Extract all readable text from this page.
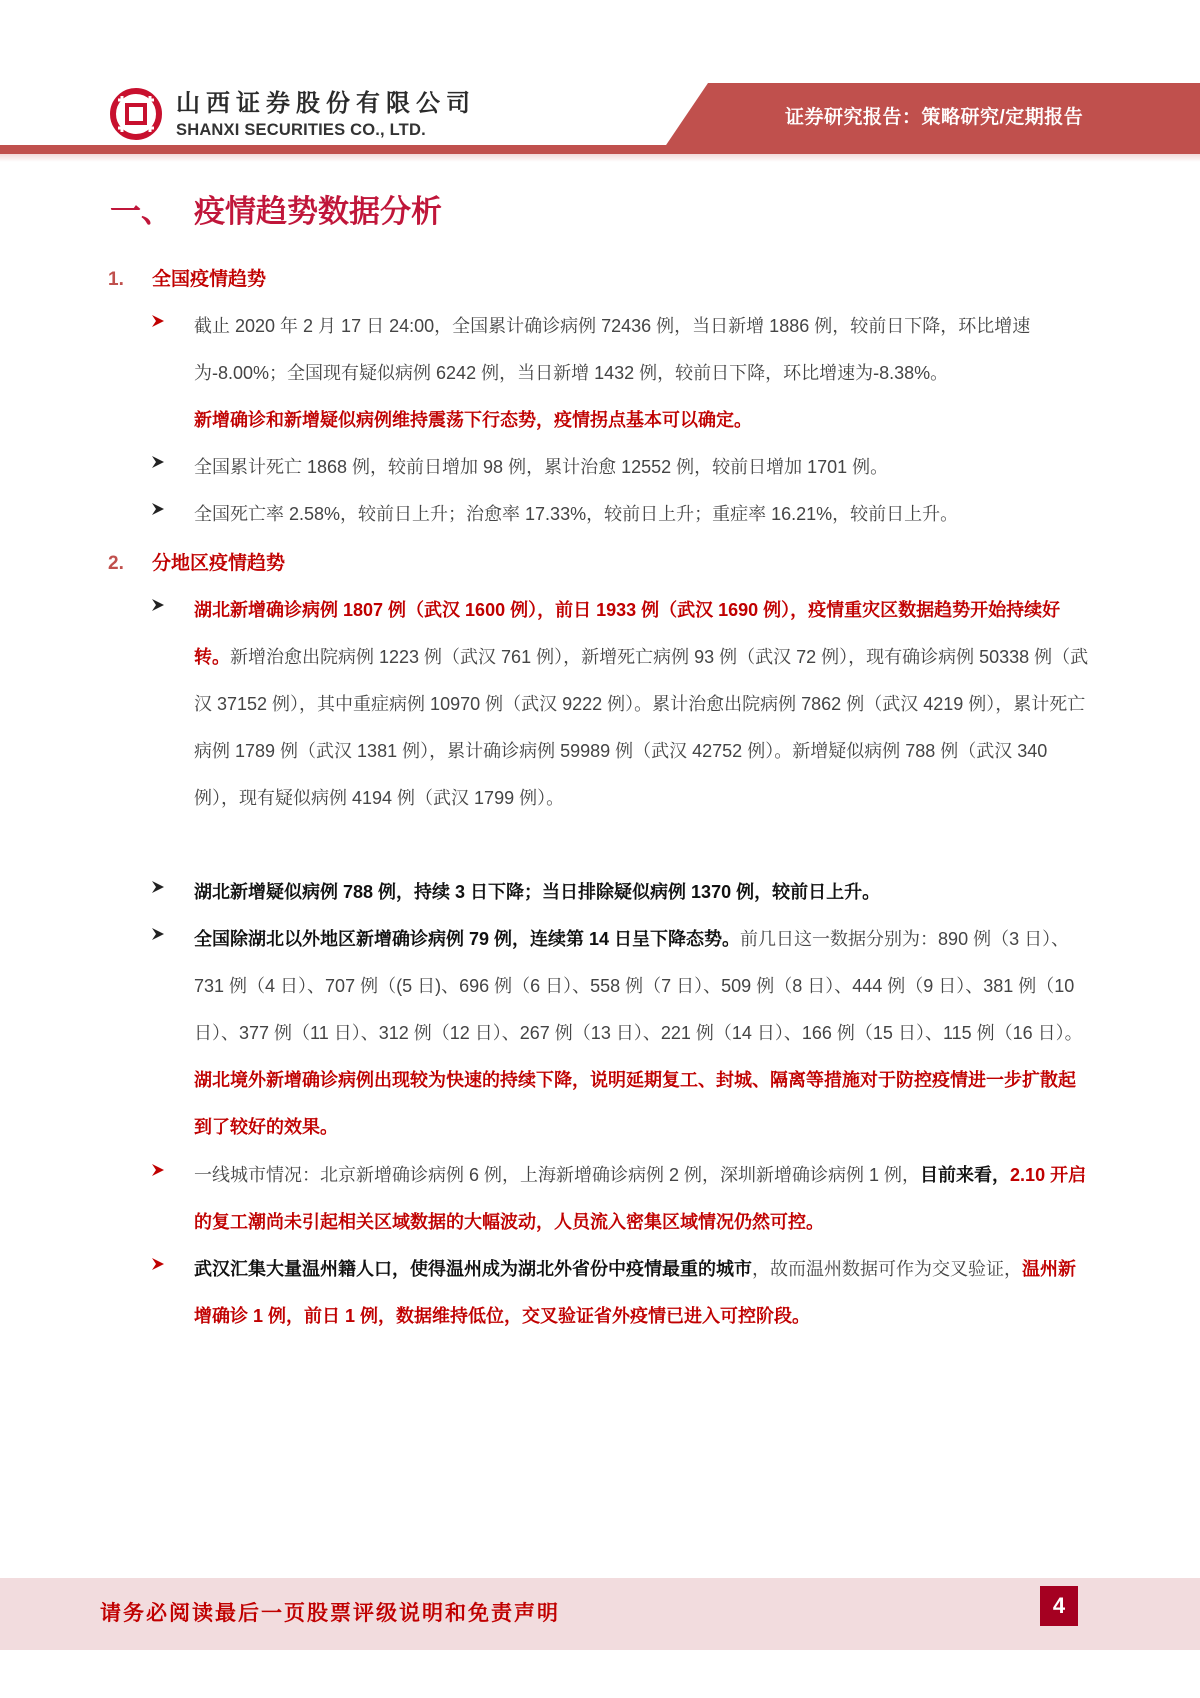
山西证券股份有限公司
SHANXI SECURITIES CO., LTD.
证券研究报告：策略研究/定期报告
一、 疫情趋势数据分析
1. 全国疫情趋势
截止 2020 年 2 月 17 日 24:00，全国累计确诊病例 72436 例，当日新增 1886 例，较前日下降，环比增速为-8.00%；全国现有疑似病例 6242 例，当日新增 1432 例，较前日下降，环比增速为-8.38%。
新增确诊和新增疑似病例维持震荡下行态势，疫情拐点基本可以确定。
全国累计死亡 1868 例，较前日增加 98 例，累计治愈 12552 例，较前日增加 1701 例。
全国死亡率 2.58%，较前日上升；治愈率 17.33%，较前日上升；重症率 16.21%，较前日上升。
2. 分地区疫情趋势
湖北新增确诊病例 1807 例（武汉 1600 例），前日 1933 例（武汉 1690 例），疫情重灾区数据趋势开始持续好转。新增治愈出院病例 1223 例（武汉 761 例），新增死亡病例 93 例（武汉 72 例），现有确诊病例 50338 例（武汉 37152 例），其中重症病例 10970 例（武汉 9222 例）。累计治愈出院病例 7862 例（武汉 4219 例），累计死亡病例 1789 例（武汉 1381 例），累计确诊病例 59989 例（武汉 42752 例）。新增疑似病例 788 例（武汉 340 例），现有疑似病例 4194 例（武汉 1799 例）。
湖北新增疑似病例 788 例，持续 3 日下降；当日排除疑似病例 1370 例，较前日上升。
全国除湖北以外地区新增确诊病例 79 例，连续第 14 日呈下降态势。前几日这一数据分别为：890 例（3 日）、731 例（4 日）、707 例（(5 日)、696 例（6 日）、558 例（7 日）、509 例（8 日）、444 例（9 日）、381 例（10 日）、377 例（11 日）、312 例（12 日）、267 例（13 日）、221 例（14 日）、166 例（15 日）、115 例（16 日）。湖北境外新增确诊病例出现较为快速的持续下降，说明延期复工、封城、隔离等措施对于防控疫情进一步扩散起到了较好的效果。
一线城市情况：北京新增确诊病例 6 例，上海新增确诊病例 2 例，深圳新增确诊病例 1 例，目前来看，2.10 开启的复工潮尚未引起相关区域数据的大幅波动，人员流入密集区域情况仍然可控。
武汉汇集大量温州籍人口，使得温州成为湖北外省份中疫情最重的城市，故而温州数据可作为交叉验证，温州新增确诊 1 例，前日 1 例，数据维持低位，交叉验证省外疫情已进入可控阶段。
请务必阅读最后一页股票评级说明和免责声明	4
